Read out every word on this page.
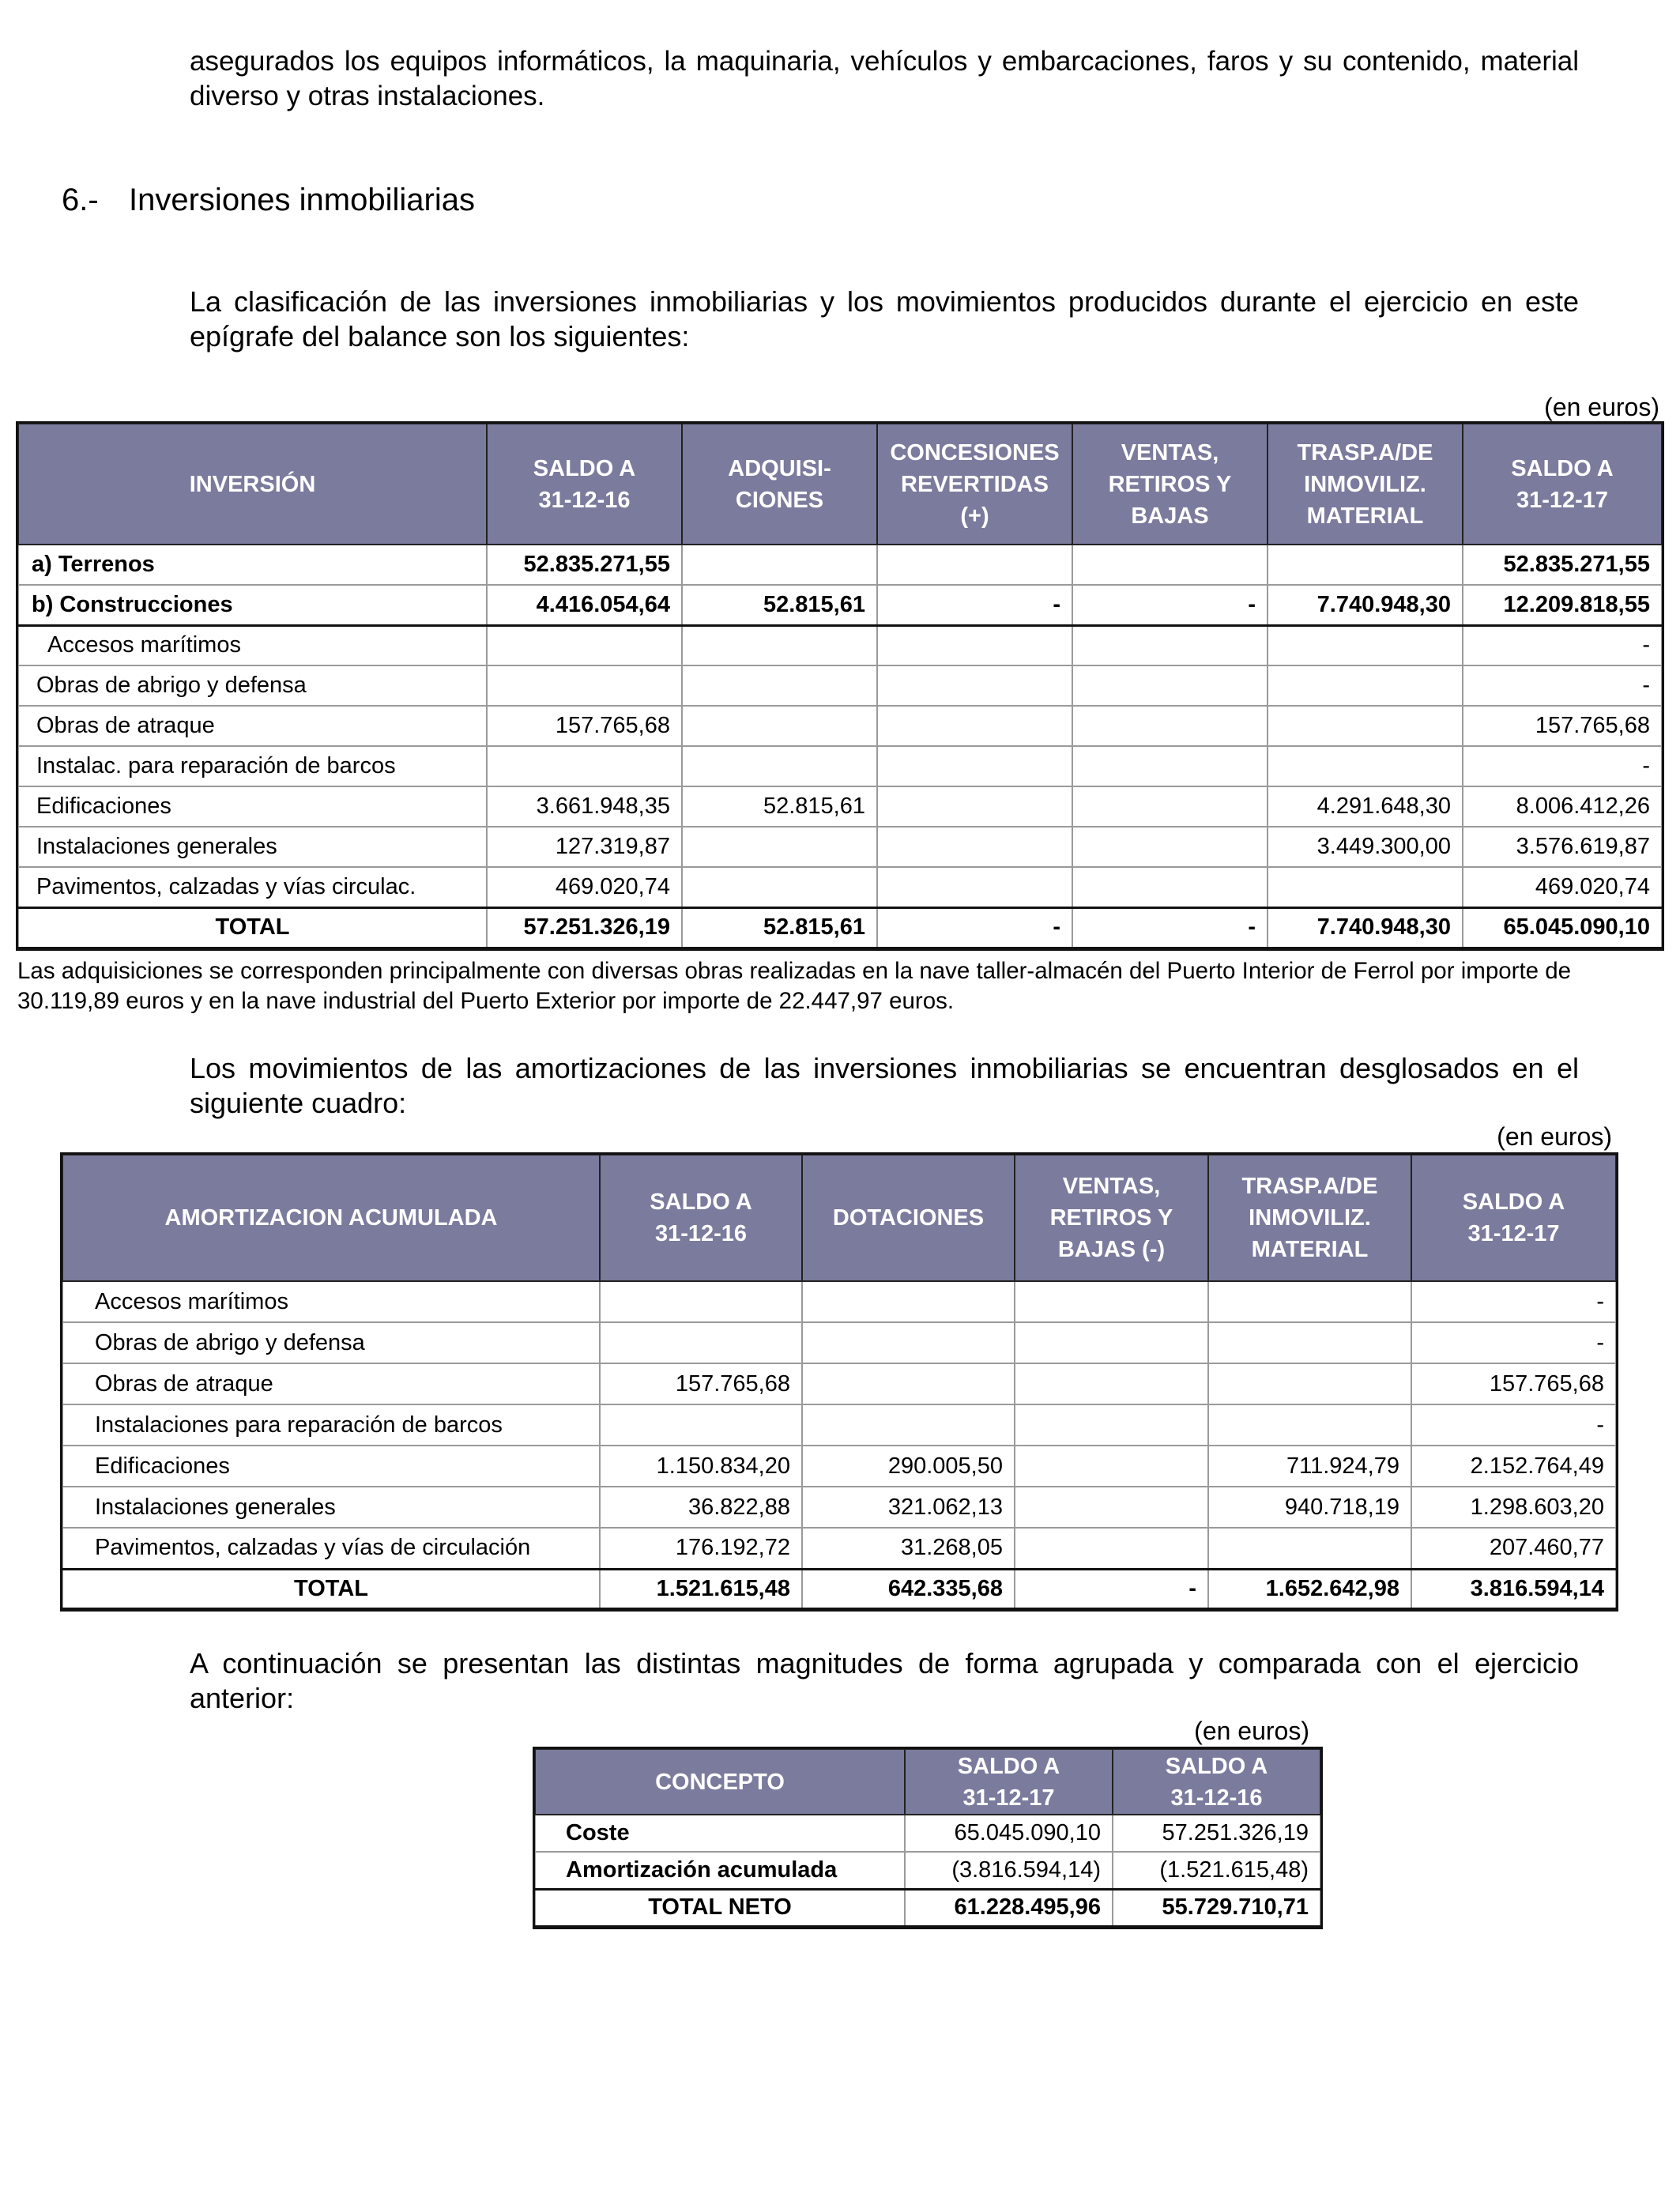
asegurados los equipos informáticos, la maquinaria, vehículos y embarcaciones, faros y su contenido, material diverso y otras instalaciones.
6.- Inversiones inmobiliarias
La clasificación de las inversiones inmobiliarias y los movimientos producidos durante el ejercicio en este epígrafe del balance son los siguientes:
(en euros)
INVERSIÓN	SALDO A 31-12-16	ADQUISI- CIONES	CONCESIONES REVERTIDAS (+)	VENTAS, RETIROS Y BAJAS	TRASP.A/DE INMOVILIZ. MATERIAL	SALDO A 31-12-17
a) Terrenos	52.835.271,55					52.835.271,55
b) Construcciones	4.416.054,64	52.815,61	-	-	7.740.948,30	12.209.818,55
Accesos marítimos						-
Obras de abrigo y defensa						-
Obras de atraque	157.765,68					157.765,68
Instalac. para reparación de barcos						-
Edificaciones	3.661.948,35	52.815,61			4.291.648,30	8.006.412,26
Instalaciones generales	127.319,87				3.449.300,00	3.576.619,87
Pavimentos, calzadas y vías circulac.	469.020,74					469.020,74
TOTAL	57.251.326,19	52.815,61	-	-	7.740.948,30	65.045.090,10
Las adquisiciones se corresponden principalmente con diversas obras realizadas en la nave taller-almacén del Puerto Interior de Ferrol por importe de 30.119,89 euros y en la nave industrial del Puerto Exterior por importe de 22.447,97 euros.
Los movimientos de las amortizaciones de las inversiones inmobiliarias se encuentran desglosados en el siguiente cuadro:
(en euros)
AMORTIZACION ACUMULADA	SALDO A 31-12-16	DOTACIONES	VENTAS, RETIROS Y BAJAS (-)	TRASP.A/DE INMOVILIZ. MATERIAL	SALDO A 31-12-17
Accesos marítimos					-
Obras de abrigo y defensa					-
Obras de atraque	157.765,68				157.765,68
Instalaciones para reparación de barcos					-
Edificaciones	1.150.834,20	290.005,50		711.924,79	2.152.764,49
Instalaciones generales	36.822,88	321.062,13		940.718,19	1.298.603,20
Pavimentos, calzadas y vías de circulación	176.192,72	31.268,05			207.460,77
TOTAL	1.521.615,48	642.335,68	-	1.652.642,98	3.816.594,14
A continuación se presentan las distintas magnitudes de forma agrupada y comparada con el ejercicio anterior:
(en euros)
CONCEPTO	SALDO A 31-12-17	SALDO A 31-12-16
Coste	65.045.090,10	57.251.326,19
Amortización acumulada	(3.816.594,14)	(1.521.615,48)
TOTAL NETO	61.228.495,96	55.729.710,71
